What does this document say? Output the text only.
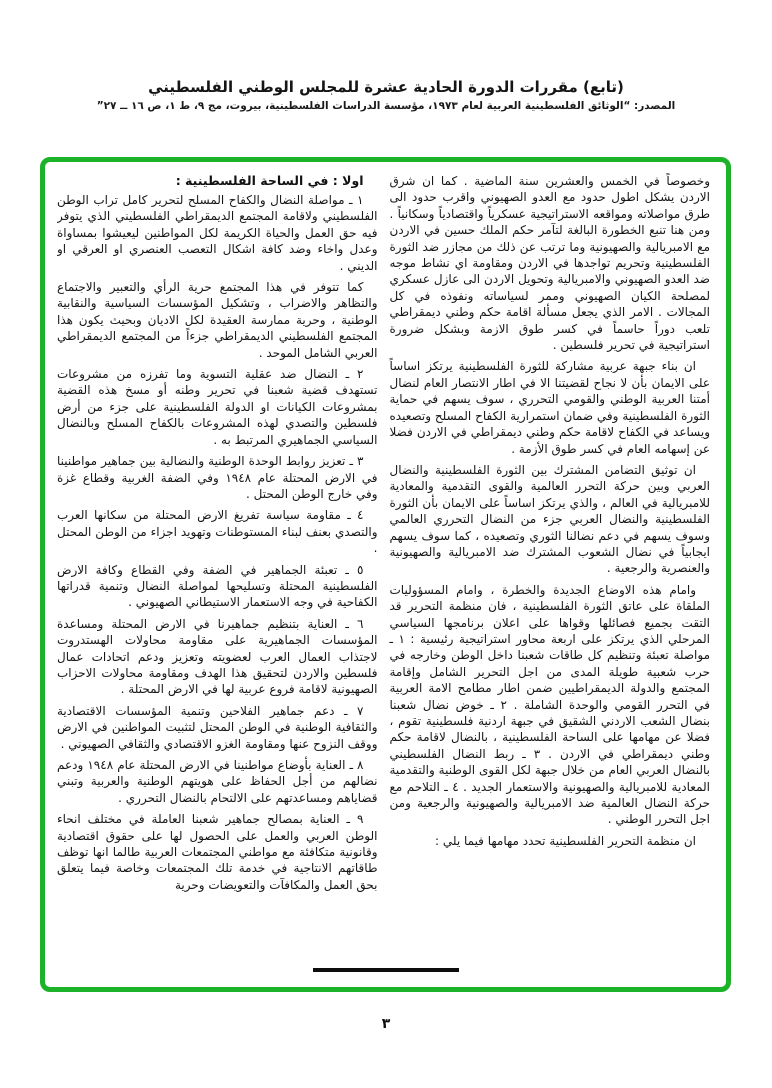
(تابع) مقررات الدورة الحادية عشرة للمجلس الوطني الفلسطيني
المصدر: “الوثائق الفلسطينية العربية لعام ١٩٧٣، مؤسسة الدراسات الفلسطينية، بيروت، مج ٩، ط ١، ص ١٦ ــ ٢٧”

وخصوصاً في الخمس والعشرين سنة الماضية . كما ان شرق الاردن يشكل اطول حدود مع العدو الصهيوني واقرب حدود الى طرق مواصلاته ومواقعه الاستراتيجية عسكرياً واقتصادياً وسكانياً . ومن هنا تنبع الخطورة البالغة لتآمر حكم الملك حسين في الاردن مع الامبريالية والصهيونية وما ترتب عن ذلك من مجازر ضد الثورة الفلسطينية وتحريم تواجدها في الاردن ومقاومة اي نشاط موجه ضد العدو الصهيوني والامبريالية وتحويل الاردن الى عازل عسكري لمصلحة الكيان الصهيوني وممر لسياساته ونفوذه في كل المجالات . الامر الذي يجعل مسألة اقامة حكم وطني ديمقراطي تلعب دوراً حاسماً في كسر طوق الازمة وبشكل ضرورة استراتيجية في تحرير فلسطين .

ان بناء جبهة عربية مشاركة للثورة الفلسطينية يرتكز اساساً على الايمان بأن لا نجاح لقضيتنا الا في اطار الانتصار العام لنضال أمتنا العربية الوطني والقومي التحرري ، سوف يسهم في حماية الثورة الفلسطينية وفي ضمان استمرارية الكفاح المسلح وتصعيده ويساعد في الكفاح لاقامة حكم وطني ديمقراطي في الاردن فضلا عن إسهامه العام في كسر طوق الأزمة .

ان توثيق التضامن المشترك بين الثورة الفلسطينية والنضال العربي وبين حركة التحرر العالمية والقوى التقدمية والمعادية للامبريالية في العالم ، والذي يرتكز اساساً على الايمان بأن الثورة الفلسطينية والنضال العربي جزء من النضال التحرري العالمي وسوف يسهم في دعم نضالنا الثوري وتصعيده ، كما سوف يسهم ايجابياً في نضال الشعوب المشترك ضد الامبريالية والصهيونية والعنصرية والرجعية .

وامام هذه الاوضاع الجديدة والخطرة ، وامام المسؤوليات الملقاة على عاتق الثورة الفلسطينية ، فان منظمة التحرير قد التقت بجميع فصائلها وقواها على اعلان برنامجها السياسي المرحلي الذي يرتكز على اربعة محاور استراتيجية رئيسية : ١ ـ مواصلة تعبئة وتنظيم كل طاقات شعبنا داخل الوطن وخارجه في حرب شعبية طويلة المدى من اجل التحرير الشامل وإقامة المجتمع والدولة الديمقراطيين ضمن اطار مطامح الامة العربية في التحرر القومي والوحدة الشاملة . ٢ ـ خوض نضال شعبنا بنضال الشعب الاردني الشقيق في جبهة اردنية فلسطينية تقوم ، فضلا عن مهامها على الساحة الفلسطينية ، بالنضال لاقامة حكم وطني ديمقراطي في الاردن . ٣ ـ ربط النضال الفلسطيني بالنضال العربي العام من خلال جبهة لكل القوى الوطنية والتقدمية المعادية للامبريالية والصهيونية والاستعمار الجديد . ٤ ـ التلاحم مع حركة النضال العالمية ضد الامبريالية والصهيونية والرجعية ومن اجل التحرر الوطني .

ان منظمة التحرير الفلسطينية تحدد مهامها فيما يلي :

اولا : في الساحة الفلسطينية :

١ ـ مواصلة النضال والكفاح المسلح لتحرير كامل تراب الوطن الفلسطيني ولاقامة المجتمع الديمقراطي الفلسطيني الذي يتوفر فيه حق العمل والحياة الكريمة لكل المواطنين ليعيشوا بمساواة وعدل واخاء وضد كافة اشكال التعصب العنصري او العرقي او الديني .

كما تتوفر في هذا المجتمع حرية الرأي والتعبير والاجتماع والتظاهر والاضراب ، وتشكيل المؤسسات السياسية والنقابية الوطنية ، وحرية ممارسة العقيدة لكل الاديان وبحيث يكون هذا المجتمع الفلسطيني الديمقراطي جزءاً من المجتمع الديمقراطي العربي الشامل الموحد .

٢ ـ النضال ضد عقلية التسوية وما تفرزه من مشروعات تستهدف قضية شعبنا في تحرير وطنه أو مسخ هذه القضية بمشروعات الكيانات او الدولة الفلسطينية على جزء من أرض فلسطين والتصدي لهذه المشروعات بالكفاح المسلح وبالنضال السياسي الجماهيري المرتبط به .

٣ ـ تعزيز روابط الوحدة الوطنية والنضالية بين جماهير مواطنينا في الارض المحتلة عام ١٩٤٨ وفي الضفة الغربية وقطاع غزة وفي خارج الوطن المحتل .

٤ ـ مقاومة سياسة تفريغ الارض المحتلة من سكانها العرب والتصدي بعنف لبناء المستوطنات وتهويد اجزاء من الوطن المحتل .

٥ ـ تعبئة الجماهير في الضفة وفي القطاع وكافة الارض الفلسطينية المحتلة وتسليحها لمواصلة النضال وتنمية قدراتها الكفاحية في وجه الاستعمار الاستيطاني الصهيوني .

٦ ـ العناية بتنظيم جماهيرنا في الارض المحتلة ومساعدة المؤسسات الجماهيرية على مقاومة محاولات الهستدروت لاجتذاب العمال العرب لعضويته وتعزيز ودعم اتحادات عمال فلسطين والاردن لتحقيق هذا الهدف ومقاومة محاولات الاحزاب الصهيونية لاقامة فروع عربية لها في الارض المحتلة .

٧ ـ دعم جماهير الفلاحين وتنمية المؤسسات الاقتصادية والثقافية الوطنية في الوطن المحتل لتثبيت المواطنين في الارض ووقف النزوح عنها ومقاومة الغزو الاقتصادي والثقافي الصهيوني .

٨ ـ العناية بأوضاع مواطنينا في الارض المحتلة عام ١٩٤٨ ودعم نضالهم من أجل الحفاظ على هويتهم الوطنية والعربية وتبني قضاياهم ومساعدتهم على الالتحام بالنضال التحرري .

٩ ـ العناية بمصالح جماهير شعبنا العاملة في مختلف انحاء الوطن العربي والعمل على الحصول لها على حقوق اقتصادية وقانونية متكافئة مع مواطني المجتمعات العربية طالما انها توظف طاقاتهم الانتاجية في خدمة تلك المجتمعات وخاصة فيما يتعلق بحق العمل والمكافآت والتعويضات وحرية

٣
